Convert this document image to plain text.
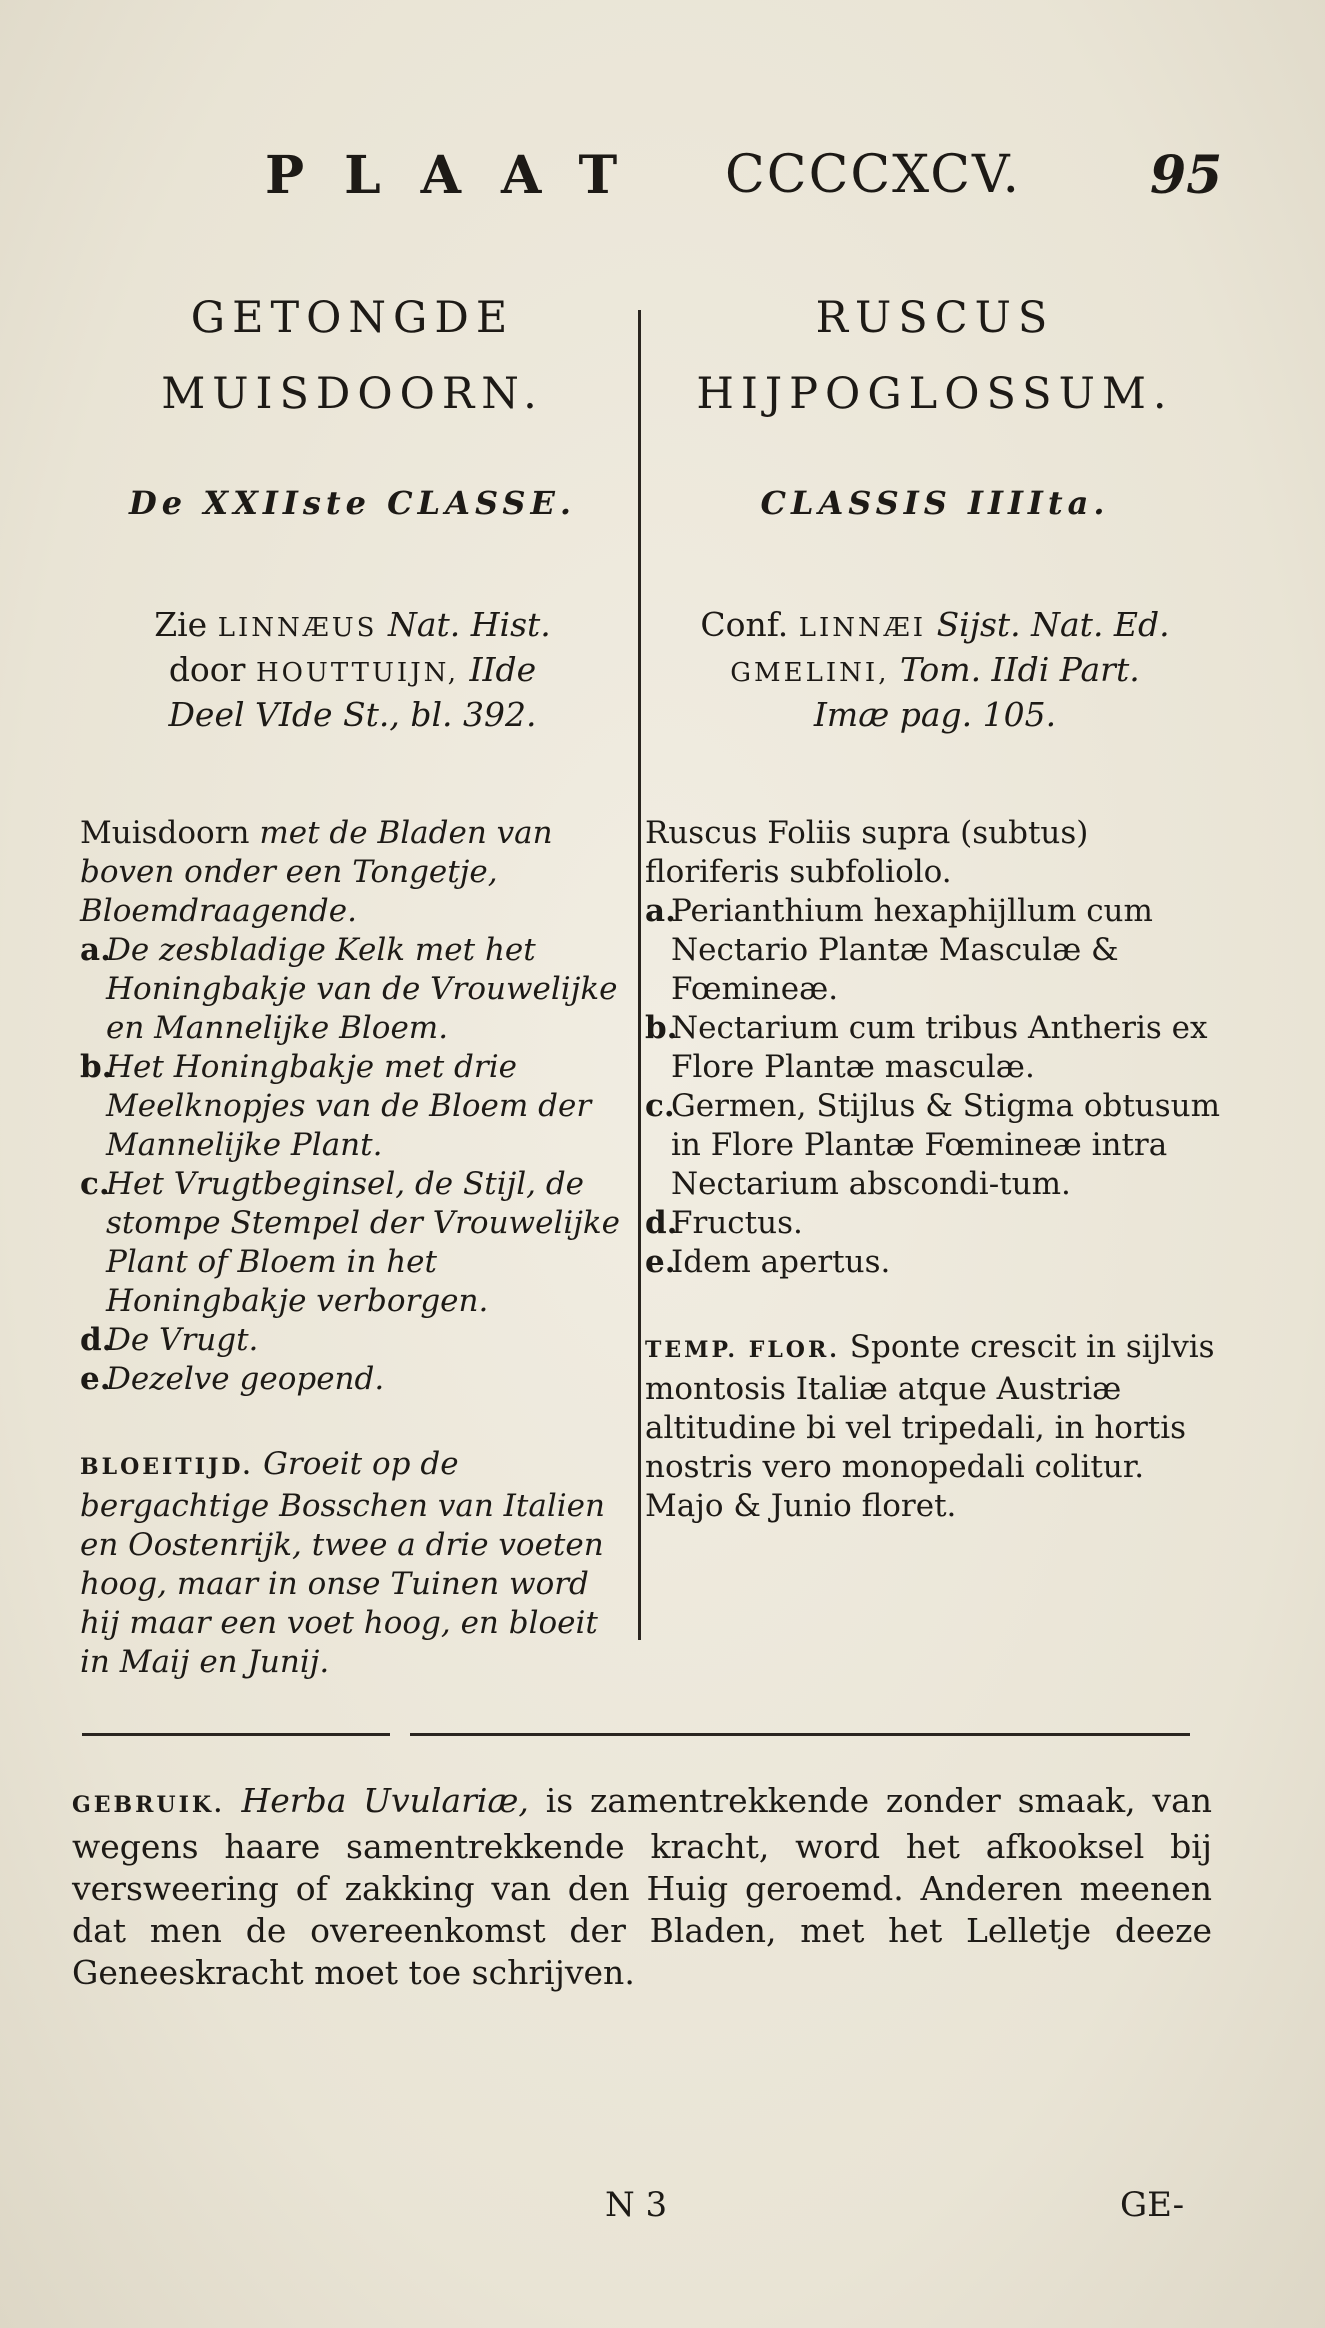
PLAAT CCCCXCV. 95

GETONGDE

MUISDOORN.

De XXIIste CLASSE.
Zie LINNÆUS Nat. Hist.
door HOUTTUIJN, IIde
Deel VIde St., bl. 392.
Muisdoorn met de Bladen van boven onder een Tongetje, Bloemdraagende.
a.
De zesbladige Kelk met het Honingbakje van de Vrouwelijke en Mannelijke Bloem.
b.
Het Honingbakje met drie Meelknopjes van de Bloem der Mannelijke Plant.
c.
Het Vrugtbeginsel, de Stijl, de stompe Stempel der Vrouwelijke Plant of Bloem in het Honingbakje verborgen.
d.
De Vrugt.
e.
Dezelve geopend.
BLOEITIJD. Groeit op de bergachtige Bosschen van Italien en Oostenrijk, twee a drie voeten hoog, maar in onse Tuinen word hij maar een voet hoog, en bloeit in Maij en Junij.

RUSCUS

HIJPOGLOSSUM.

CLASSIS IIIIta.
Conf. LINNÆI Sijst. Nat. Ed.
GMELINI, Tom. IIdi Part.
Imæ pag. 105.
Ruscus Foliis supra (subtus) floriferis subfoliolo.
a.
Perianthium hexaphijllum cum Nectario Plantæ Masculæ & Fœmineæ.
b.
Nectarium cum tribus Antheris ex Flore Plantæ masculæ.
c.
Germen, Stijlus & Stigma obtusum in Flore Plantæ Fœmineæ intra Nectarium abscondi-tum.
d.
Fructus.
e.
Idem apertus.
TEMP. FLOR. Sponte crescit in sijlvis montosis Italiæ atque Austriæ altitudine bi vel tripedali, in hortis nostris vero monopedali colitur. Majo & Junio floret.
GEBRUIK. Herba Uvulariæ, is zamentrekkende zonder smaak, van wegens haare samentrekkende kracht, word het afkooksel bij versweering of zakking van den Huig geroemd. Anderen meenen dat men de overeenkomst der Bladen, met het Lelletje deeze Geneeskracht moet toe schrijven.
N 3	GE-
